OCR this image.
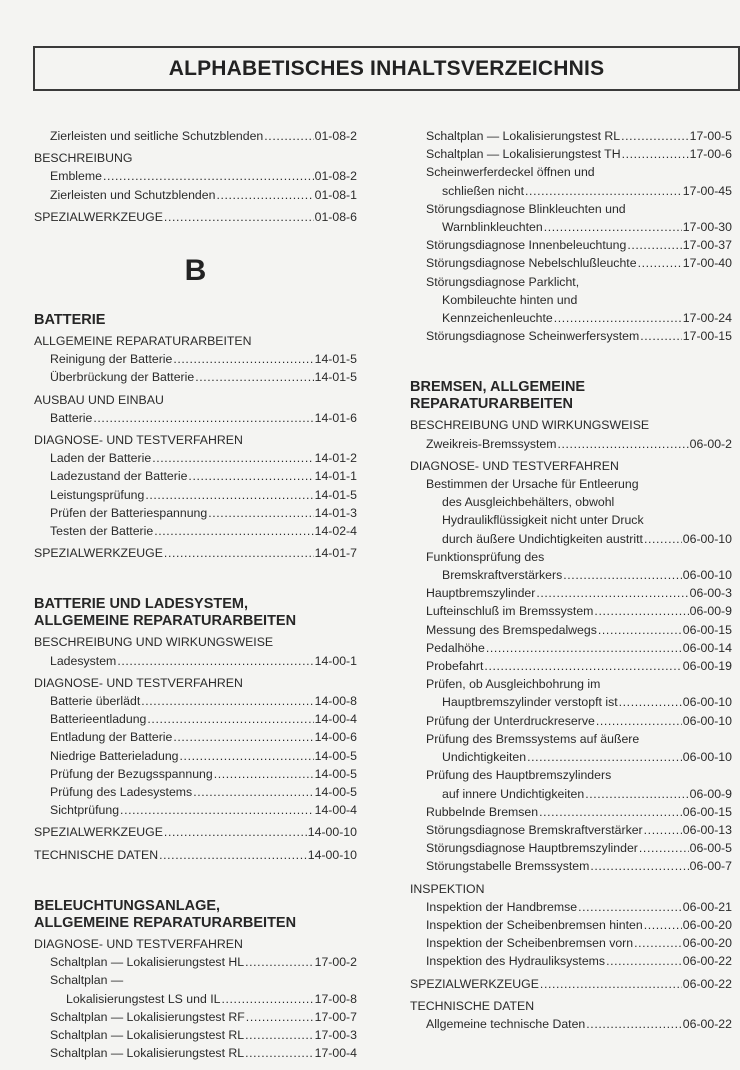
ALPHABETISCHES INHALTSVERZEICHNIS
Zierleisten und seitliche Schutzblenden .....	01-08-2
BESCHREIBUNG
Embleme .....	01-08-2
Zierleisten und Schutzblenden .....	01-08-1
SPEZIALWERKZEUGE .....	01-08-6
B
BATTERIE
ALLGEMEINE REPARATURARBEITEN
Reinigung der Batterie .....	14-01-5
Überbrückung der Batterie .....	14-01-5
AUSBAU UND EINBAU
Batterie .....	14-01-6
DIAGNOSE- UND TESTVERFAHREN
Laden der Batterie .....	14-01-2
Ladezustand der Batterie .....	14-01-1
Leistungsprüfung .....	14-01-5
Prüfen der Batteriespannung .....	14-01-3
Testen der Batterie .....	14-02-4
SPEZIALWERKZEUGE .....	14-01-7
BATTERIE UND LADESYSTEM,
ALLGEMEINE REPARATURARBEITEN
BESCHREIBUNG UND WIRKUNGSWEISE
Ladesystem .....	14-00-1
DIAGNOSE- UND TESTVERFAHREN
Batterie überlädt .....	14-00-8
Batterieentladung .....	14-00-4
Entladung der Batterie .....	14-00-6
Niedrige Batterieladung .....	14-00-5
Prüfung der Bezugsspannung .....	14-00-5
Prüfung des Ladesystems .....	14-00-5
Sichtprüfung .....	14-00-4
SPEZIALWERKZEUGE .....	14-00-10
TECHNISCHE DATEN .....	14-00-10
BELEUCHTUNGSANLAGE,
ALLGEMEINE REPARATURARBEITEN
DIAGNOSE- UND TESTVERFAHREN
Schaltplan — Lokalisierungstest HL .....	17-00-2
Schaltplan —
Lokalisierungstest LS und IL .....	17-00-8
Schaltplan — Lokalisierungstest RF .....	17-00-7
Schaltplan — Lokalisierungstest RL .....	17-00-3
Schaltplan — Lokalisierungstest RL .....	17-00-4
Schaltplan — Lokalisierungstest RL .....	17-00-5
Schaltplan — Lokalisierungstest TH .....	17-00-6
Scheinwerferdeckel öffnen und
schließen nicht .....	17-00-45
Störungsdiagnose Blinkleuchten und
Warnblinkleuchten .....	17-00-30
Störungsdiagnose Innenbeleuchtung .....	17-00-37
Störungsdiagnose Nebelschlußleuchte .....	17-00-40
Störungsdiagnose Parklicht,
Kombileuchte hinten und
Kennzeichenleuchte .....	17-00-24
Störungsdiagnose Scheinwerfersystem .....	17-00-15
BREMSEN, ALLGEMEINE
REPARATURARBEITEN
BESCHREIBUNG UND WIRKUNGSWEISE
Zweikreis-Bremssystem .....	06-00-2
DIAGNOSE- UND TESTVERFAHREN
Bestimmen der Ursache für Entleerung
des Ausgleichbehälters, obwohl
Hydraulikflüssigkeit nicht unter Druck
durch äußere Undichtigkeiten austritt .....	06-00-10
Funktionsprüfung des
Bremskraftverstärkers .....	06-00-10
Hauptbremszylinder .....	06-00-3
Lufteinschluß im Bremssystem .....	06-00-9
Messung des Bremspedalwegs .....	06-00-15
Pedalhöhe .....	06-00-14
Probefahrt .....	06-00-19
Prüfen, ob Ausgleichbohrung im
Hauptbremszylinder verstopft ist .....	06-00-10
Prüfung der Unterdruckreserve .....	06-00-10
Prüfung des Bremssystems auf äußere
Undichtigkeiten .....	06-00-10
Prüfung des Hauptbremszylinders
auf innere Undichtigkeiten .....	06-00-9
Rubbelnde Bremsen .....	06-00-15
Störungsdiagnose Bremskraftverstärker .....	06-00-13
Störungsdiagnose Hauptbremszylinder .....	06-00-5
Störungstabelle Bremssystem .....	06-00-7
INSPEKTION
Inspektion der Handbremse .....	06-00-21
Inspektion der Scheibenbremsen hinten .....	06-00-20
Inspektion der Scheibenbremsen vorn .....	06-00-20
Inspektion des Hydrauliksystems .....	06-00-22
SPEZIALWERKZEUGE .....	06-00-22
TECHNISCHE DATEN
Allgemeine technische Daten .....	06-00-22
